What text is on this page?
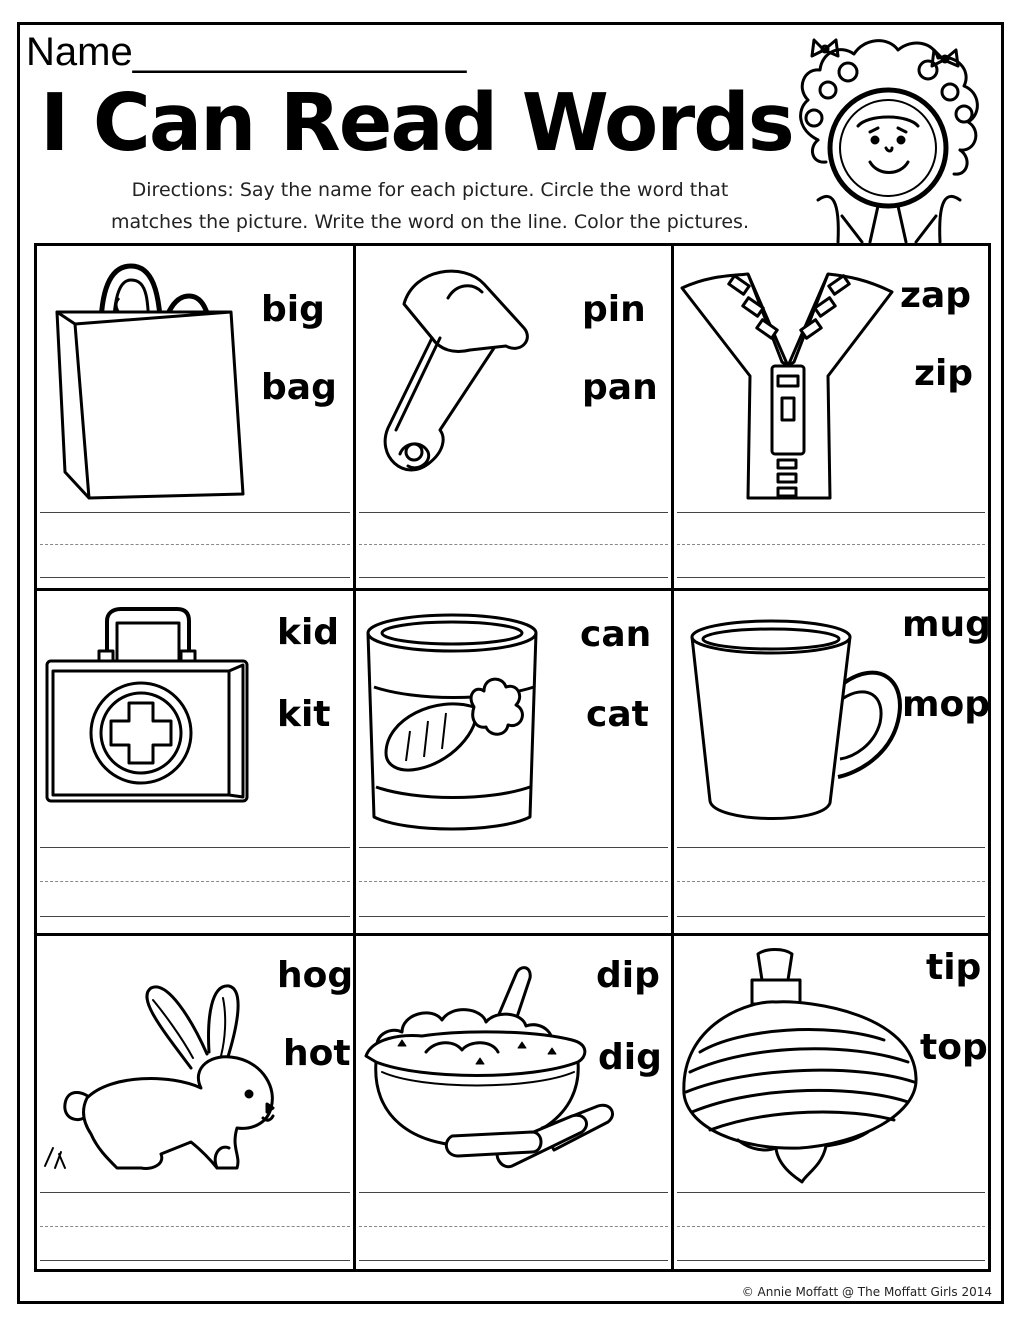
Name_______________
I Can Read Words
Directions: Say the name for each picture. Circle the word that
matches the picture. Write the word on the line. Color the pictures.
big
bag
pin
pan
zap
zip
kid
kit
can
cat
mug
mop
hog
hot
dip
dig
tip
top
© Annie Moffatt @ The Moffatt Girls 2014
